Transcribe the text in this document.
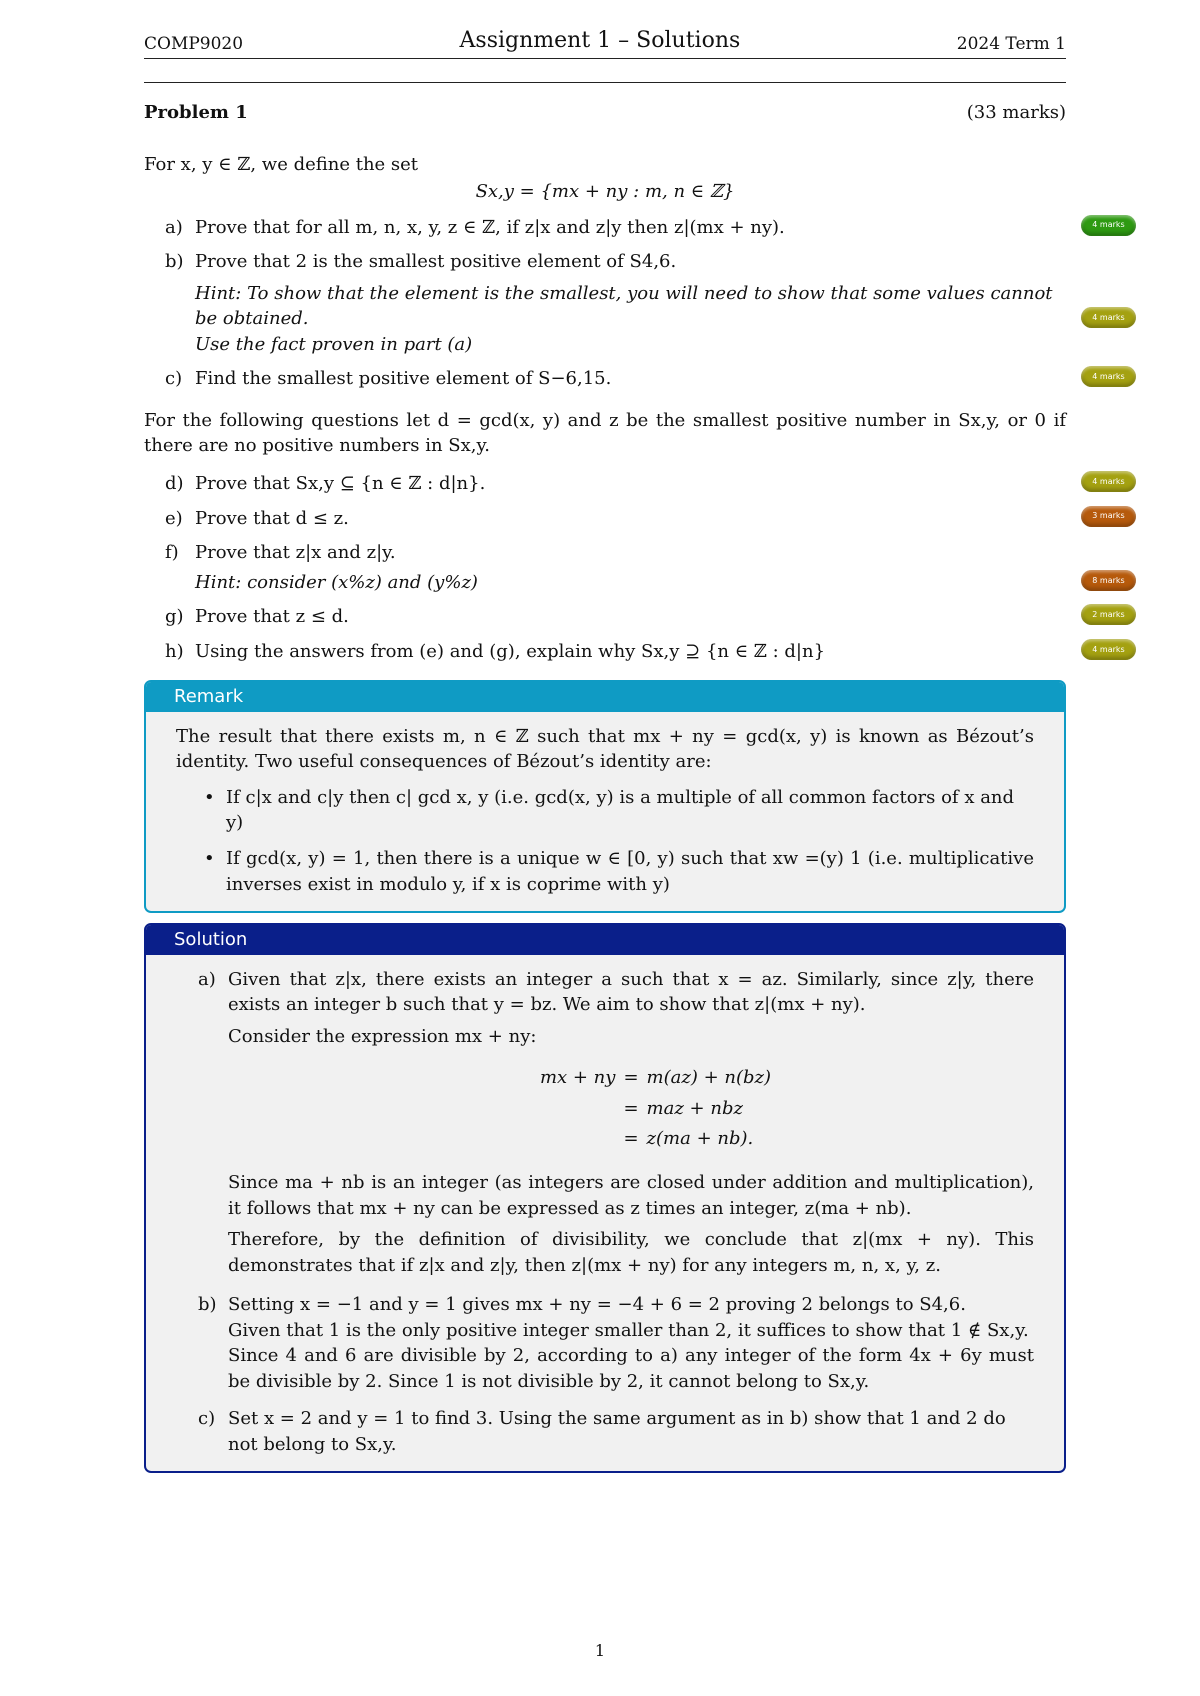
COMP9020	Assignment 1 – Solutions	2024 Term 1
Problem 1	(33 marks)
For x, y ∈ ℤ, we define the set
Sx,y = {mx + ny : m, n ∈ ℤ}
a) Prove that for all m, n, x, y, z ∈ ℤ, if z|x and z|y then z|(mx + ny).	4 marks
b) Prove that 2 is the smallest positive element of S4,6.
Hint: To show that the element is the smallest, you will need to show that some values cannot be obtained.
Use the fact proven in part (a)
4 marks
c) Find the smallest positive element of S−6,15.	4 marks
For the following questions let d = gcd(x, y) and z be the smallest positive number in Sx,y, or 0 if there are no positive numbers in Sx,y.
d) Prove that Sx,y ⊆ {n ∈ ℤ : d|n}.	4 marks
e) Prove that d ≤ z.	3 marks
f) Prove that z|x and z|y.
Hint: consider (x%z) and (y%z)	8 marks
g) Prove that z ≤ d.	2 marks
h) Using the answers from (e) and (g), explain why Sx,y ⊇ {n ∈ ℤ : d|n}	4 marks
Remark
The result that there exists m, n ∈ ℤ such that mx + ny = gcd(x, y) is known as Bézout’s identity. Two useful consequences of Bézout’s identity are:
• If c|x and c|y then c| gcd x, y (i.e. gcd(x, y) is a multiple of all common factors of x and y)
• If gcd(x, y) = 1, then there is a unique w ∈ [0, y) such that xw =(y) 1 (i.e. multiplicative inverses exist in modulo y, if x is coprime with y)
Solution
a) Given that z|x, there exists an integer a such that x = az. Similarly, since z|y, there exists an integer b such that y = bz. We aim to show that z|(mx + ny).
Consider the expression mx + ny:
mx + ny = m(az) + n(bz)
= maz + nbz
= z(ma + nb).
Since ma + nb is an integer (as integers are closed under addition and multiplication), it follows that mx + ny can be expressed as z times an integer, z(ma + nb).
Therefore, by the definition of divisibility, we conclude that z|(mx + ny). This demonstrates that if z|x and z|y, then z|(mx + ny) for any integers m, n, x, y, z.
b) Setting x = −1 and y = 1 gives mx + ny = −4 + 6 = 2 proving 2 belongs to S4,6.
Given that 1 is the only positive integer smaller than 2, it suffices to show that 1 ∉ Sx,y.
Since 4 and 6 are divisible by 2, according to a) any integer of the form 4x + 6y must be divisible by 2. Since 1 is not divisible by 2, it cannot belong to Sx,y.
c) Set x = 2 and y = 1 to find 3. Using the same argument as in b) show that 1 and 2 do not belong to Sx,y.
1
